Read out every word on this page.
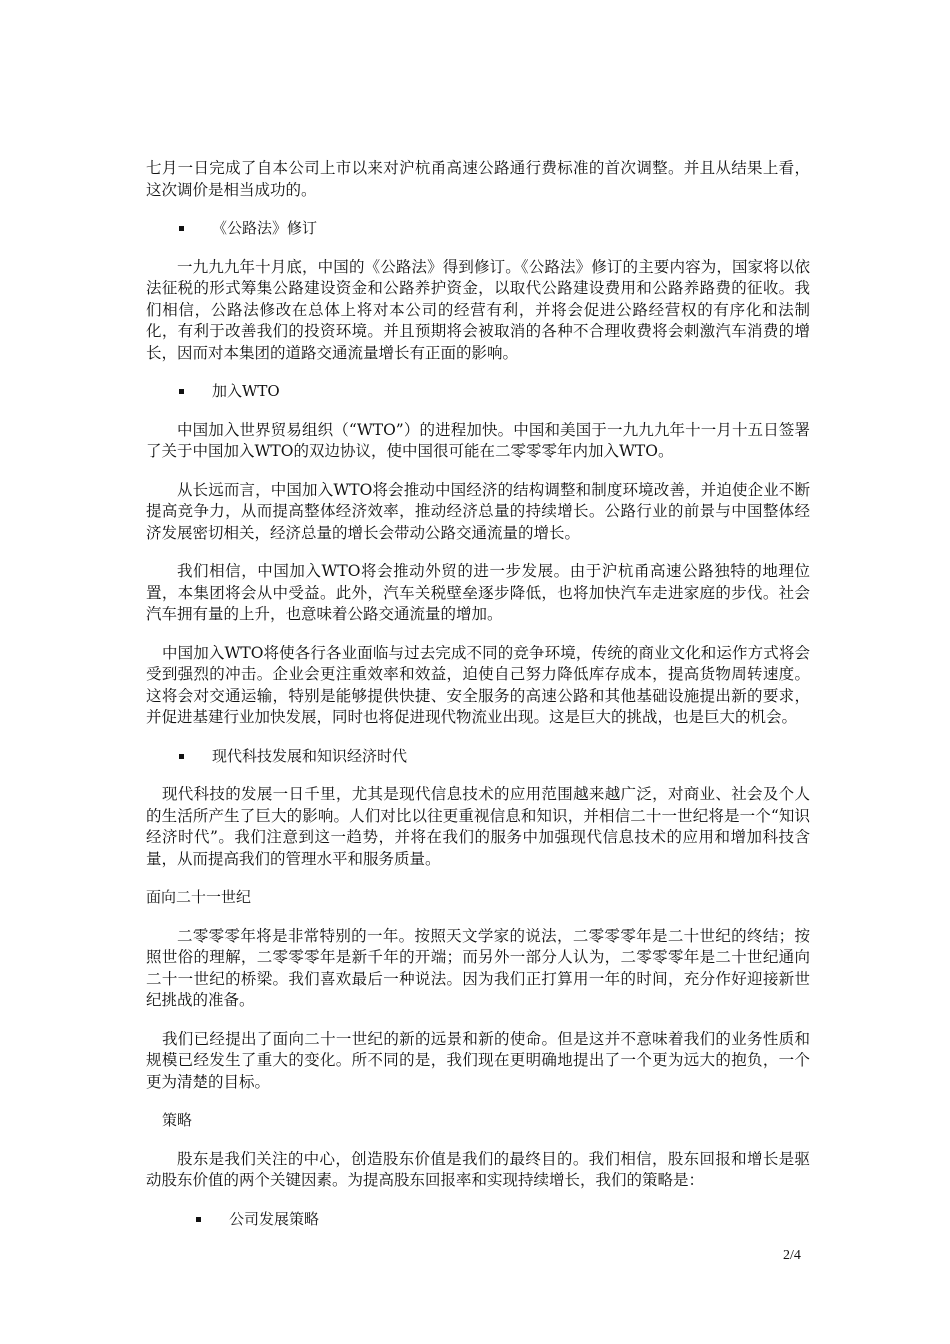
七月一日完成了自本公司上市以来对沪杭甬高速公路通行费标准的首次调整。并且从结果上看，这次调价是相当成功的。

《公路法》修订

一九九九年十月底，中国的《公路法》得到修订。《公路法》修订的主要内容为，国家将以依法征税的形式筹集公路建设资金和公路养护资金，以取代公路建设费用和公路养路费的征收。我们相信，公路法修改在总体上将对本公司的经营有利，并将会促进公路经营权的有序化和法制化，有利于改善我们的投资环境。并且预期将会被取消的各种不合理收费将会刺激汽车消费的增长，因而对本集团的道路交通流量增长有正面的影响。

加入WTO

中国加入世界贸易组织（“WTO”）的进程加快。中国和美国于一九九九年十一月十五日签署了关于中国加入WTO的双边协议，使中国很可能在二零零零年内加入WTO。

从长远而言，中国加入WTO将会推动中国经济的结构调整和制度环境改善，并迫使企业不断提高竞争力，从而提高整体经济效率，推动经济总量的持续增长。公路行业的前景与中国整体经济发展密切相关，经济总量的增长会带动公路交通流量的增长。

我们相信，中国加入WTO将会推动外贸的进一步发展。由于沪杭甬高速公路独特的地理位置，本集团将会从中受益。此外，汽车关税壁垒逐步降低，也将加快汽车走进家庭的步伐。社会汽车拥有量的上升，也意味着公路交通流量的增加。

中国加入WTO将使各行各业面临与过去完成不同的竞争环境，传统的商业文化和运作方式将会受到强烈的冲击。企业会更注重效率和效益，迫使自己努力降低库存成本，提高货物周转速度。这将会对交通运输，特别是能够提供快捷、安全服务的高速公路和其他基础设施提出新的要求，并促进基建行业加快发展，同时也将促进现代物流业出现。这是巨大的挑战，也是巨大的机会。

现代科技发展和知识经济时代

现代科技的发展一日千里，尤其是现代信息技术的应用范围越来越广泛，对商业、社会及个人的生活所产生了巨大的影响。人们对比以往更重视信息和知识，并相信二十一世纪将是一个“知识经济时代”。我们注意到这一趋势，并将在我们的服务中加强现代信息技术的应用和增加科技含量，从而提高我们的管理水平和服务质量。

面向二十一世纪

二零零零年将是非常特别的一年。按照天文学家的说法，二零零零年是二十世纪的终结；按照世俗的理解，二零零零年是新千年的开端；而另外一部分人认为，二零零零年是二十世纪通向二十一世纪的桥梁。我们喜欢最后一种说法。因为我们正打算用一年的时间，充分作好迎接新世纪挑战的准备。

我们已经提出了面向二十一世纪的新的远景和新的使命。但是这并不意味着我们的业务性质和规模已经发生了重大的变化。所不同的是，我们现在更明确地提出了一个更为远大的抱负，一个更为清楚的目标。

策略

股东是我们关注的中心，创造股东价值是我们的最终目的。我们相信，股东回报和增长是驱动股东价值的两个关键因素。为提高股东回报率和实现持续增长，我们的策略是：

公司发展策略
2/4
